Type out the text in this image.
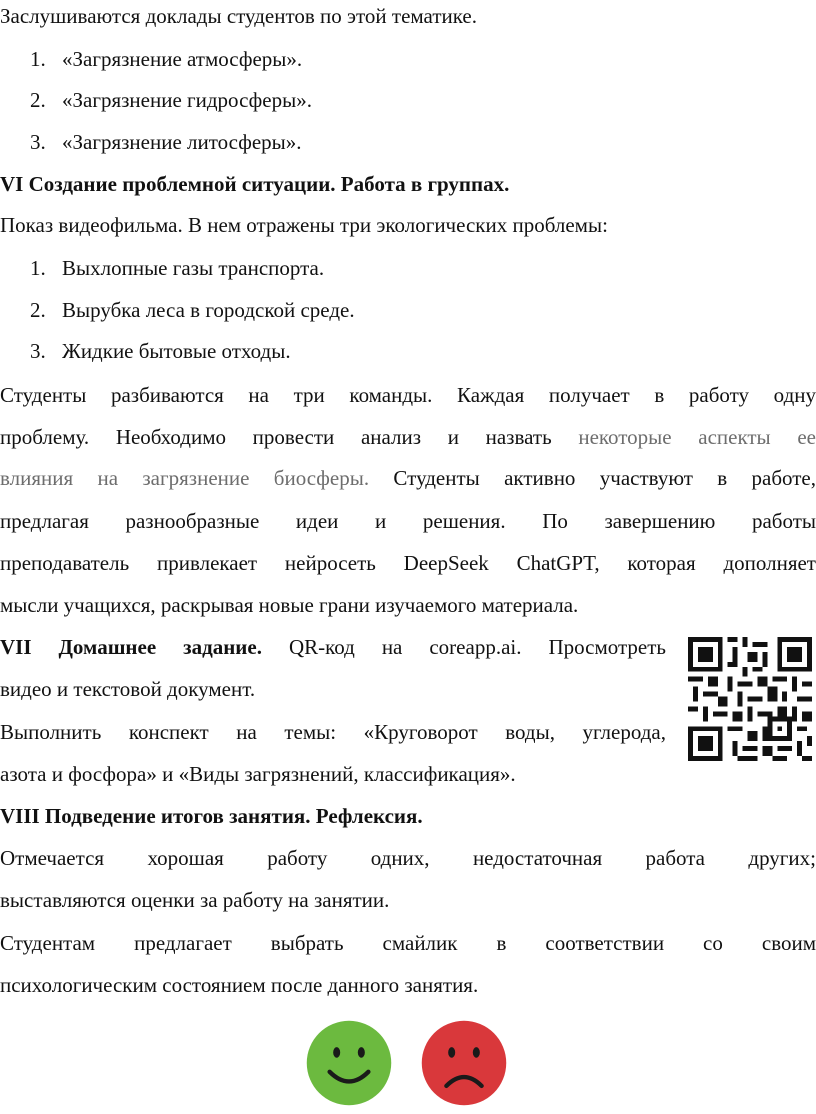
Заслушиваются доклады студентов по этой тематике.
1. «Загрязнение атмосферы».
2. «Загрязнение гидросферы».
3. «Загрязнение литосферы».
VI Создание проблемной ситуации. Работа в группах.
Показ видеофильма. В нем отражены три экологических проблемы:
1. Выхлопные газы транспорта.
2. Вырубка леса в городской среде.
3. Жидкие бытовые отходы.
Студенты разбиваются на три команды. Каждая получает в работу одну
проблему. Необходимо провести анализ и назвать некоторые аспекты ее
влияния на загрязнение биосферы. Студенты активно участвуют в работе,
предлагая разнообразные идеи и решения. По завершению работы
преподаватель привлекает нейросеть DeepSeek ChatGPT, которая дополняет
мысли учащихся, раскрывая новые грани изучаемого материала.
VII Домашнее задание. QR-код на coreapp.ai. Просмотреть
видео и текстовой документ.
Выполнить конспект на темы: «Круговорот воды, углерода,
азота и фосфора» и «Виды загрязнений, классификация».
VIII Подведение итогов занятия. Рефлексия.
Отмечается хорошая работу одних, недостаточная работа других;
выставляются оценки за работу на занятии.
Студентам предлагает выбрать смайлик в соответствии со своим
психологическим состоянием после данного занятия.
